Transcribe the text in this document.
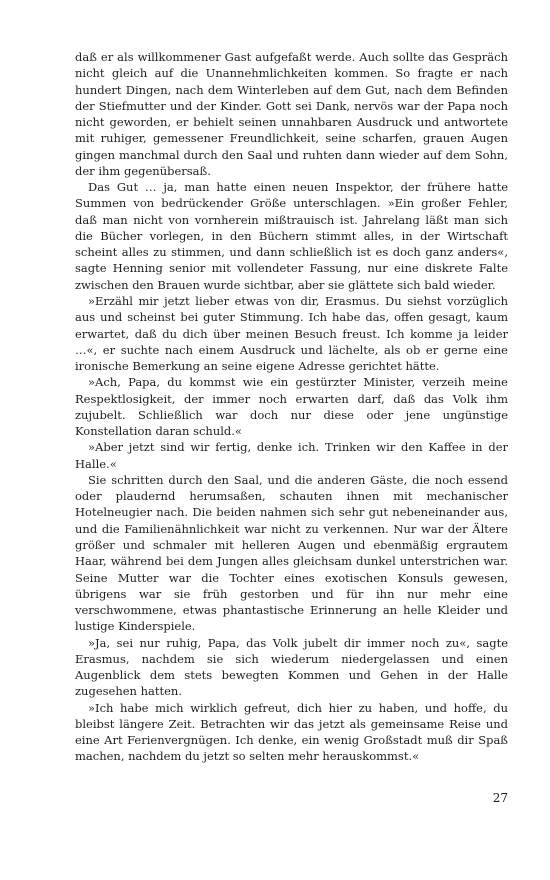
daß er als willkommener Gast aufgefaßt werde. Auch sollte das Gespräch nicht gleich auf die Unannehmlichkeiten kommen. So fragte er nach hundert Dingen, nach dem Winterleben auf dem Gut, nach dem Befinden der Stiefmutter und der Kinder. Gott sei Dank, nervös war der Papa noch nicht geworden, er behielt seinen unnahbaren Ausdruck und antwortete mit ruhiger, gemessener Freundlichkeit, seine scharfen, grauen Augen gingen manchmal durch den Saal und ruhten dann wieder auf dem Sohn, der ihm gegenübersaß.

Das Gut … ja, man hatte einen neuen Inspektor, der frühere hatte Summen von bedrückender Größe unterschlagen. »Ein großer Fehler, daß man nicht von vornherein mißtrauisch ist. Jahrelang läßt man sich die Bücher vorlegen, in den Büchern stimmt alles, in der Wirtschaft scheint alles zu stimmen, und dann schließlich ist es doch ganz anders«, sagte Henning senior mit vollendeter Fassung, nur eine diskrete Falte zwischen den Brauen wurde sichtbar, aber sie glättete sich bald wieder.

»Erzähl mir jetzt lieber etwas von dir, Erasmus. Du siehst vorzüglich aus und scheinst bei guter Stimmung. Ich habe das, offen gesagt, kaum erwartet, daß du dich über meinen Besuch freust. Ich komme ja leider …«, er suchte nach einem Ausdruck und lächelte, als ob er gerne eine ironische Bemerkung an seine eigene Adresse gerichtet hätte.

»Ach, Papa, du kommst wie ein gestürzter Minister, verzeih meine Respektlosigkeit, der immer noch erwarten darf, daß das Volk ihm zujubelt. Schließlich war doch nur diese oder jene ungünstige Konstellation daran schuld.«

»Aber jetzt sind wir fertig, denke ich. Trinken wir den Kaffee in der Halle.«

Sie schritten durch den Saal, und die anderen Gäste, die noch essend oder plaudernd herumsaßen, schauten ihnen mit mechanischer Hotelneugier nach. Die beiden nahmen sich sehr gut nebeneinander aus, und die Familienähnlichkeit war nicht zu verkennen. Nur war der Ältere größer und schmaler mit helleren Augen und ebenmäßig ergrautem Haar, während bei dem Jungen alles gleichsam dunkel unterstrichen war. Seine Mutter war die Tochter eines exotischen Konsuls gewesen, übrigens war sie früh gestorben und für ihn nur mehr eine verschwommene, etwas phantastische Erinnerung an helle Kleider und lustige Kinderspiele.

»Ja, sei nur ruhig, Papa, das Volk jubelt dir immer noch zu«, sagte Erasmus, nachdem sie sich wiederum niedergelassen und einen Augenblick dem stets bewegten Kommen und Gehen in der Halle zugesehen hatten.

»Ich habe mich wirklich gefreut, dich hier zu haben, und hoffe, du bleibst längere Zeit. Betrachten wir das jetzt als gemeinsame Reise und eine Art Ferienvergnügen. Ich denke, ein wenig Großstadt muß dir Spaß machen, nachdem du jetzt so selten mehr herauskommst.«

27
